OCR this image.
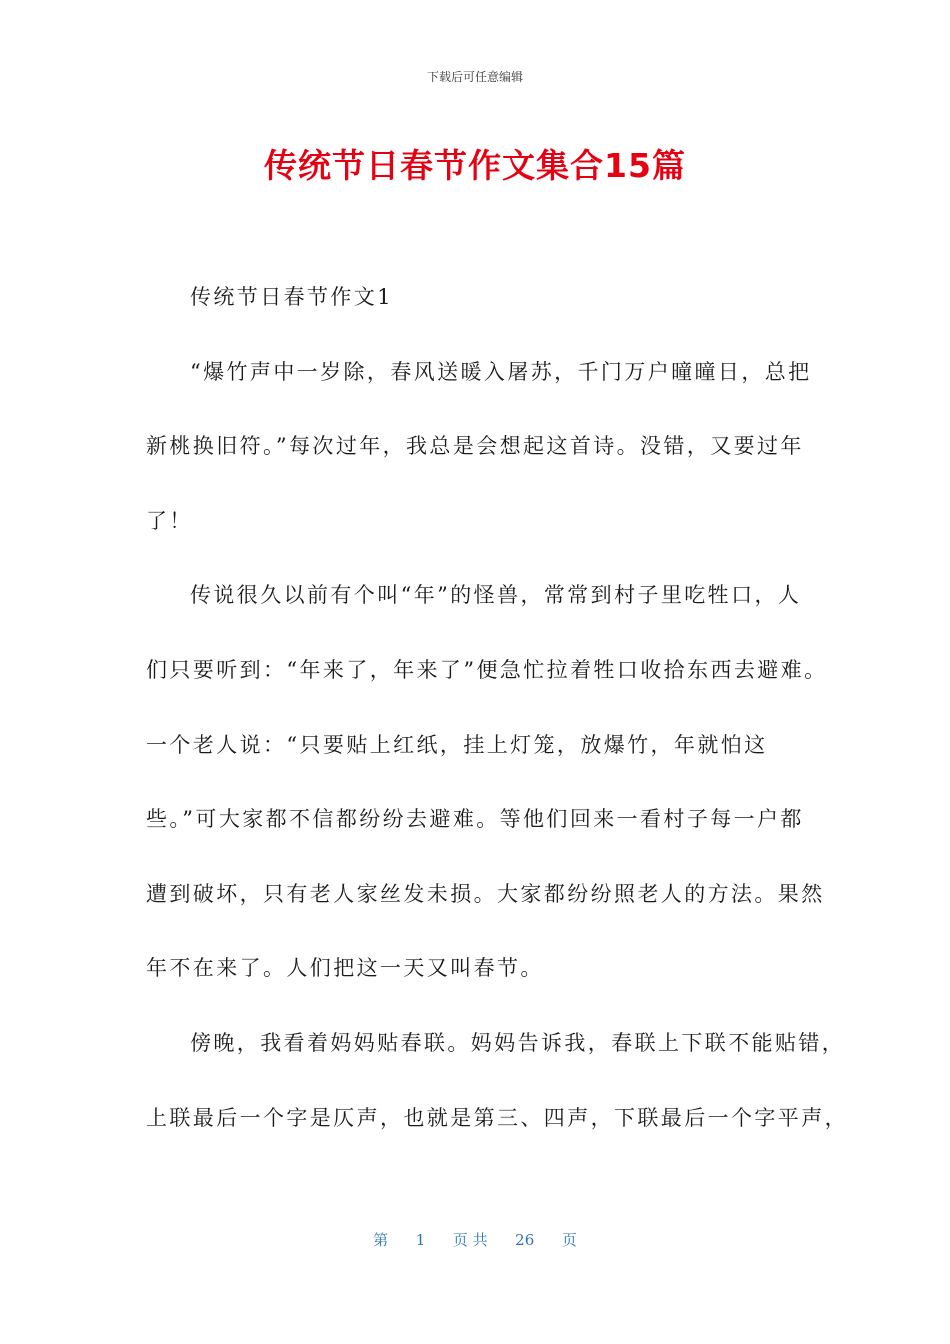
下载后可任意编辑
传统节日春节作文集合15篇
传统节日春节作文1
“爆竹声中一岁除，春风送暖入屠苏，千门万户曈曈日，总把
新桃换旧符。”每次过年，我总是会想起这首诗。没错，又要过年
了！
传说很久以前有个叫“年”的怪兽，常常到村子里吃牲口，人
们只要听到：“年来了，年来了”便急忙拉着牲口收拾东西去避难。
一个老人说：“只要贴上红纸，挂上灯笼，放爆竹，年就怕这
些。”可大家都不信都纷纷去避难。等他们回来一看村子每一户都
遭到破坏，只有老人家丝发未损。大家都纷纷照老人的方法。果然
年不在来了。人们把这一天又叫春节。
傍晚，我看着妈妈贴春联。妈妈告诉我，春联上下联不能贴错，
上联最后一个字是仄声，也就是第三、四声，下联最后一个字平声，
第 1 页 共 26 页
